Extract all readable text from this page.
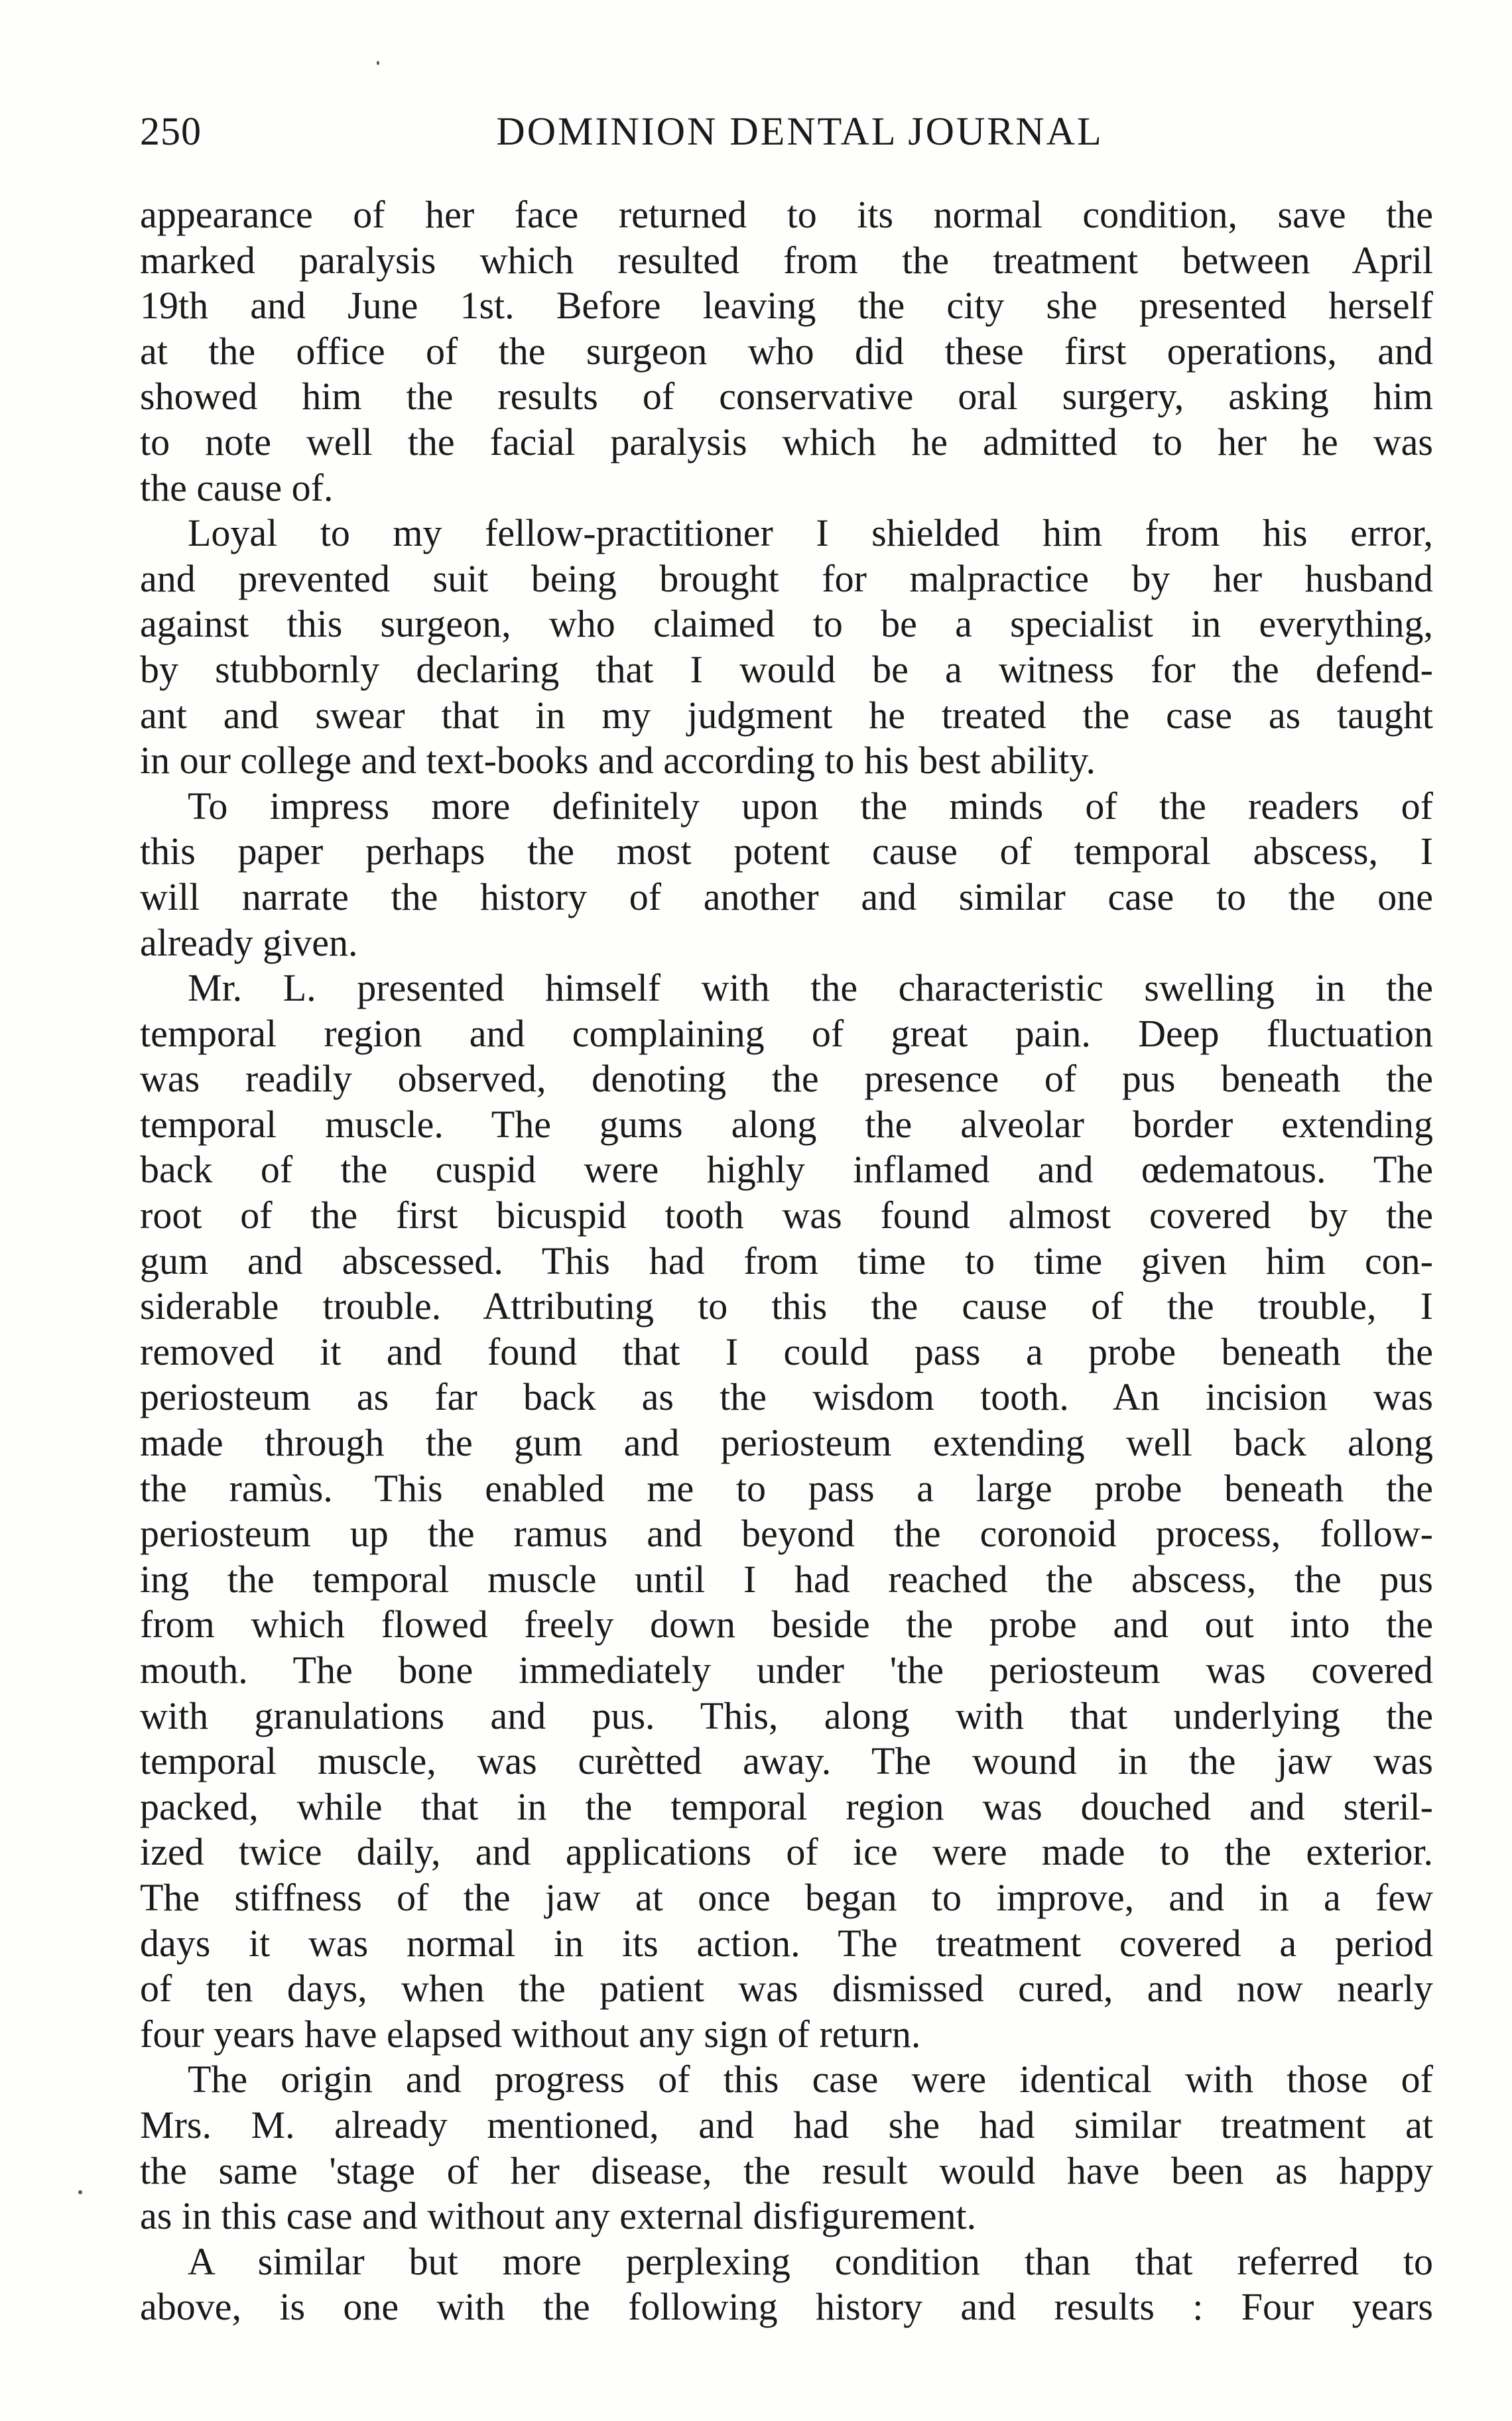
250	DOMINION DENTAL JOURNAL
appearance of her face returned to its normal condition, save the
marked paralysis which resulted from the treatment between April
19th and June 1st. Before leaving the city she presented herself
at the office of the surgeon who did these first operations, and
showed him the results of conservative oral surgery, asking him
to note well the facial paralysis which he admitted to her he was
the cause of.
Loyal to my fellow-practitioner I shielded him from his error,
and prevented suit being brought for malpractice by her husband
against this surgeon, who claimed to be a specialist in everything,
by stubbornly declaring that I would be a witness for the defend-
ant and swear that in my judgment he treated the case as taught
in our college and text-books and according to his best ability.
To impress more definitely upon the minds of the readers of
this paper perhaps the most potent cause of temporal abscess, I
will narrate the history of another and similar case to the one
already given.
Mr. L. presented himself with the characteristic swelling in the
temporal region and complaining of great pain. Deep fluctuation
was readily observed, denoting the presence of pus beneath the
temporal muscle. The gums along the alveolar border extending
back of the cuspid were highly inflamed and œdematous. The
root of the first bicuspid tooth was found almost covered by the
gum and abscessed. This had from time to time given him con-
siderable trouble. Attributing to this the cause of the trouble, I
removed it and found that I could pass a probe beneath the
periosteum as far back as the wisdom tooth. An incision was
made through the gum and periosteum extending well back along
the ramùs. This enabled me to pass a large probe beneath the
periosteum up the ramus and beyond the coronoid process, follow-
ing the temporal muscle until I had reached the abscess, the pus
from which flowed freely down beside the probe and out into the
mouth. The bone immediately under 'the periosteum was covered
with granulations and pus. This, along with that underlying the
temporal muscle, was curètted away. The wound in the jaw was
packed, while that in the temporal region was douched and steril-
ized twice daily, and applications of ice were made to the exterior.
The stiffness of the jaw at once began to improve, and in a few
days it was normal in its action. The treatment covered a period
of ten days, when the patient was dismissed cured, and now nearly
four years have elapsed without any sign of return.
The origin and progress of this case were identical with those of
Mrs. M. already mentioned, and had she had similar treatment at
the same 'stage of her disease, the result would have been as happy
as in this case and without any external disfigurement.
A similar but more perplexing condition than that referred to
above, is one with the following history and results : Four years
